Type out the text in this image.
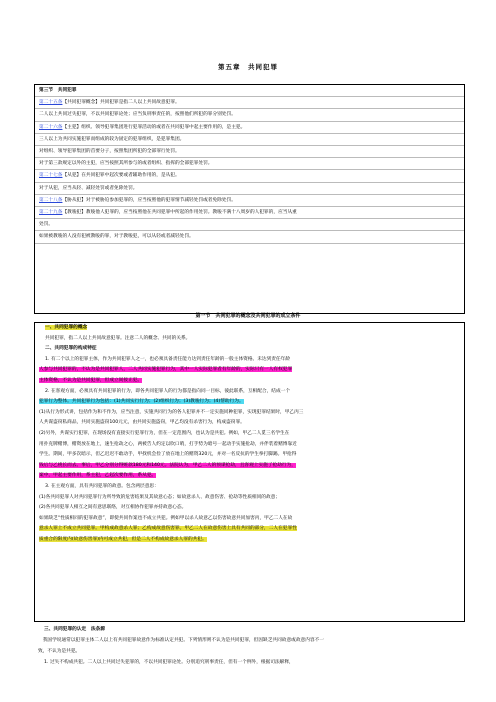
第五章　共同犯罪
第三节　共同犯罪
第二十五条【共同犯罪概念】共同犯罪是指二人以上共同故意犯罪。
二人以上共同过失犯罪，不以共同犯罪论处；应当负刑事责任的，按照他们所犯的罪分别处罚。
第二十六条【主犯】组织、领导犯罪集团进行犯罪活动的或者在共同犯罪中起主要作用的，是主犯。
三人以上为共同实施犯罪而组成的较为固定的犯罪组织，是犯罪集团。
对组织、领导犯罪集团的首要分子，按照集团所犯的全部罪行处罚。
对于第三款规定以外的主犯，应当按照其所参与的或者组织、指挥的全部犯罪处罚。
第二十七条【从犯】在共同犯罪中起次要或者辅助作用的，是从犯。
对于从犯，应当从轻、减轻处罚或者免除处罚。
第二十八条【胁从犯】对于被胁迫参加犯罪的，应当按照他的犯罪情节减轻处罚或者免除处罚。
第二十九条【教唆犯】教唆他人犯罪的，应当按照他在共同犯罪中所起的作用处罚。教唆不满十八周岁的人犯罪的，应当从重
处罚。
如果被教唆的人没有犯被教唆的罪，对于教唆犯，可以从轻或者减轻处罚。
第一节　共同犯罪的概念及共同犯罪的成立条件
一、共同犯罪的概念
共同犯罪，指二人以上共同故意犯罪。注意二人的概念、共同的关系。
二、共同犯罪的构成特征
1. 有二个以上的犯罪主体，作为共同犯罪人之一，也必须具备责任能力达到责任年龄的一般主体资格。未达到责任年龄
人参与共同犯罪的，不认为是共同犯罪人，二人共同实施犯罪行为，其中一人实际犯罪者有年龄的，实际只有一人有权犯罪
主体资格，不认为是共同犯罪，但成立间接正犯。
2. 在客观方面，必须具有共同犯罪的行为，即各共同犯罪人的行为都是指向同一目标，彼此联系，互相配合，结成一个
犯罪行为整体。共同犯罪行为包括：(1)共同实行行为；(2)组织行为；(3)教唆行为；(4)帮助行为。
(1)从行为形式讲，包括作为和不作为，应当注意，实施共同行为的各人犯罪并不一定实施同种犯罪，实现犯罪结果时，甲乙丙三
人共谋盗窃私商品，共同实施盗窃100元元，由共同实施盗窃，甲乙均没有杀害行为，构成盗窃罪。
(2)另外，共谋实行犯罪，在现场没有直接实行犯罪行为，但在一定范围内，也认为是共犯。例如，甲乙二人觅三名学生在
用扑克牌赌博，赌资放在地上，速生抢劫之心，两被告人约定以吹口哨，打手势为暗号一起动手实施抢劫，并伴装着赌博靠近
学生。期间，甲多次暗示，但乙迟迟不敢动手，甲找机会捡了放在地上的赌资320元，并对一名反抗的学生拳打脚踢。甲抢得
钱后与乙挑长而去。事后，甲乙分别分得赃款180元和140元。法院认为，甲乙二人的预谋抢劫，且客观上实施了抢劫行为，
案中，甲起主要作用，系主犯，乙起次要作用，系从犯。
3. 在主观方面，具有共同犯罪的故意。包含两层意思：
(1)各共同犯罪人对共同犯罪行为所导致的危害结果及其故意心态；如故意杀人、故意伤害、抢劫等性质相同的故意；
(2)各共同犯罪人相互之间有意思联络，对互相协作犯罪亦持故意心态。
如果缺乏“性质相同的犯罪故意”，即使共同作案也不成立共犯。例如甲以杀人故意乙以伤害故意共同加害丙，甲乙二人在故
意杀人罪上不成立共同犯罪。甲构成故意杀人罪；乙构成故意伤害罪。甲乙二人在故意伤害上具有共同的部分，二人在犯罪性
质重合的限度内(故意伤害罪)内可成立共犯，但是二人不构成故意杀人罪的共犯。
三、共同犯罪的认定　法条源
　我国学说通常以犯罪主体二人以上有共同犯罪故意作为标准认定共犯。下列情形则不认为是共同犯罪，但因缺乏共同故意或故意内容不一
致，不认为是共犯。
1. 过失不构成共犯。二人以上共同过失犯罪的，不以共同犯罪论处。分别追究刑事责任，但有一个例外，根据司法解释，
